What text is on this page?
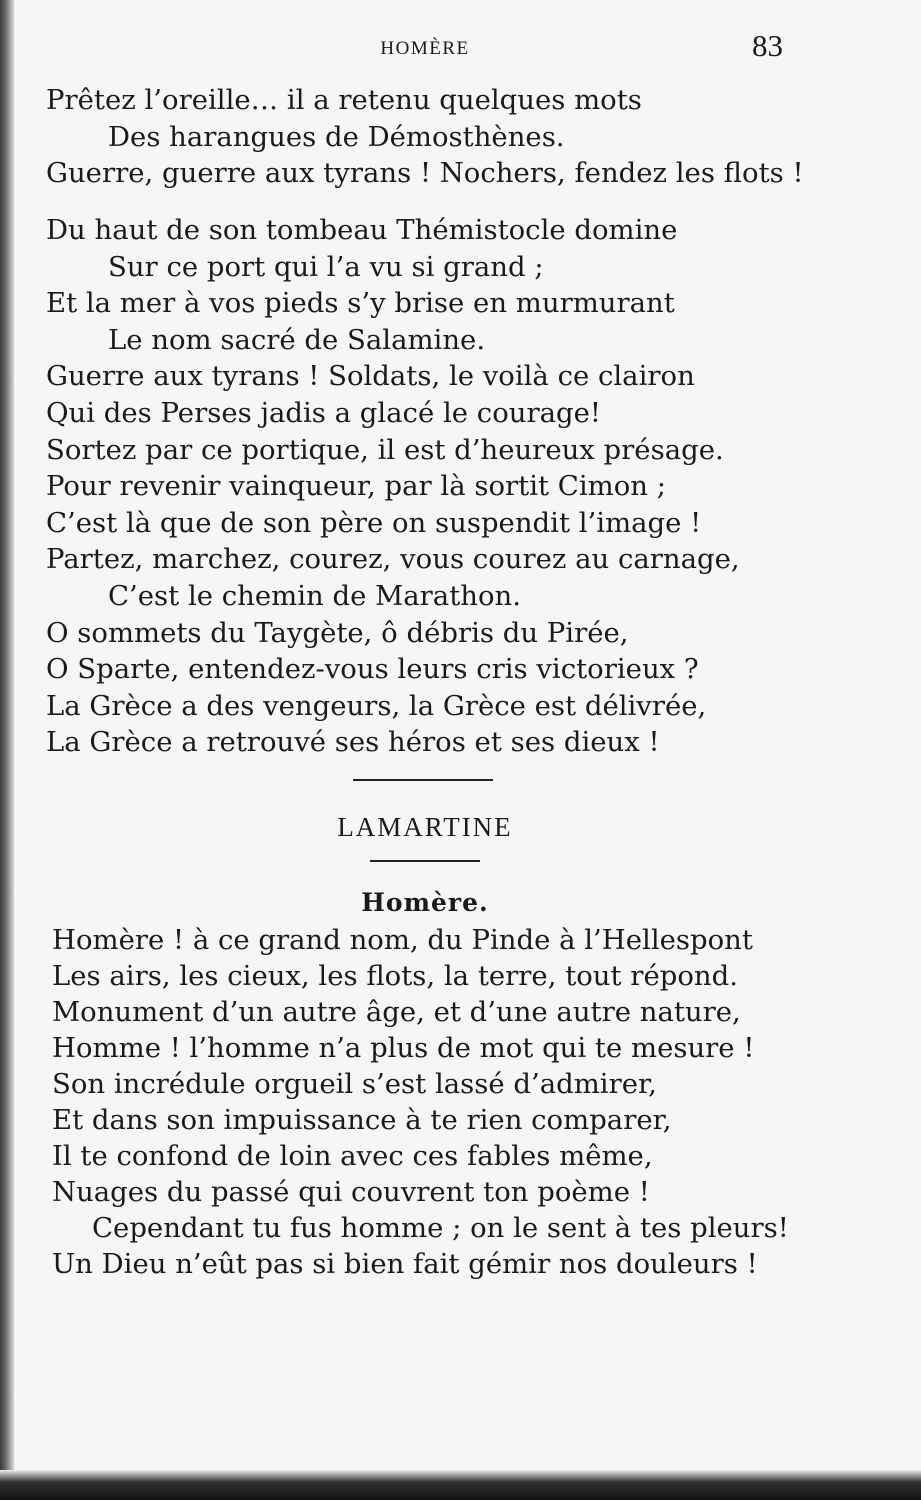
HOMÈRE	83
Prêtez l’oreille… il a retenu quelques mots
Des harangues de Démosthènes.
Guerre, guerre aux tyrans ! Nochers, fendez les flots !
Du haut de son tombeau Thémistocle domine
Sur ce port qui l’a vu si grand ;
Et la mer à vos pieds s’y brise en murmurant
Le nom sacré de Salamine.
Guerre aux tyrans ! Soldats, le voilà ce clairon
Qui des Perses jadis a glacé le courage!
Sortez par ce portique, il est d’heureux présage.
Pour revenir vainqueur, par là sortit Cimon ;
C’est là que de son père on suspendit l’image !
Partez, marchez, courez, vous courez au carnage,
C’est le chemin de Marathon.
O sommets du Taygète, ô débris du Pirée,
O Sparte, entendez-vous leurs cris victorieux ?
La Grèce a des vengeurs, la Grèce est délivrée,
La Grèce a retrouvé ses héros et ses dieux !
LAMARTINE
Homère.
Homère ! à ce grand nom, du Pinde à l’Hellespont
Les airs, les cieux, les flots, la terre, tout répond.
Monument d’un autre âge, et d’une autre nature,
Homme ! l’homme n’a plus de mot qui te mesure !
Son incrédule orgueil s’est lassé d’admirer,
Et dans son impuissance à te rien comparer,
Il te confond de loin avec ces fables même,
Nuages du passé qui couvrent ton poème !
Cependant tu fus homme ; on le sent à tes pleurs!
Un Dieu n’eût pas si bien fait gémir nos douleurs !
